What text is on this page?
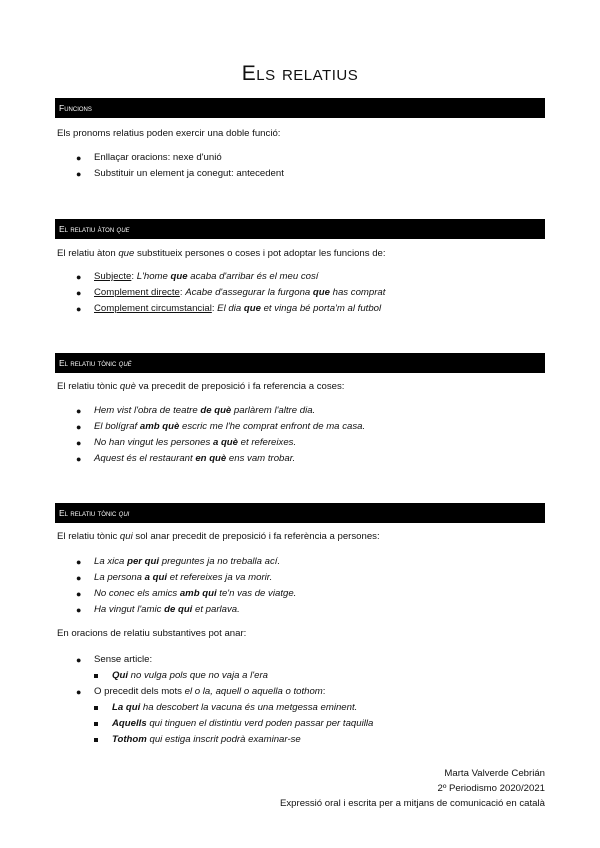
Els relatius
Funcions
Els pronoms relatius poden exercir una doble funció:
● Enllaçar oracions: nexe d'unió
● Substituir un element ja conegut: antecedent
El relatiu àton que
El relatiu àton que substitueix persones o coses i pot adoptar les funcions de:
● Subjecte: L'home que acaba d'arribar és el meu cosí
● Complement directe: Acabe d'assegurar la furgona que has comprat
● Complement circumstancial: El dia que et vinga bé porta'm al futbol
El relatiu tònic què
El relatiu tònic què va precedit de preposició i fa referencia a coses:
● Hem vist l'obra de teatre de què parlàrem l'altre dia.
● El bolígraf amb què escric me l'he comprat enfront de ma casa.
● No han vingut les persones a què et refereixes.
● Aquest és el restaurant en què ens vam trobar.
El relatiu tònic qui
El relatiu tònic qui sol anar precedit de preposició i fa referència a persones:
● La xica per qui preguntes ja no treballa ací.
● La persona a qui et refereixes ja va morir.
● No conec els amics amb qui te'n vas de viatge.
● Ha vingut l'amic de qui et parlava.
En oracions de relatiu substantives pot anar:
● Sense article:
Qui no vulga pols que no vaja a l'era
● O precedit dels mots el o la, aquell o aquella o tothom:
La qui ha descobert la vacuna és una metgessa eminent.
Aquells qui tinguen el distintiu verd poden passar per taquilla
Tothom qui estiga inscrit podrà examinar-se
Marta Valverde Cebrián
2º Periodismo 2020/2021
Expressió oral i escrita per a mitjans de comunicació en català
